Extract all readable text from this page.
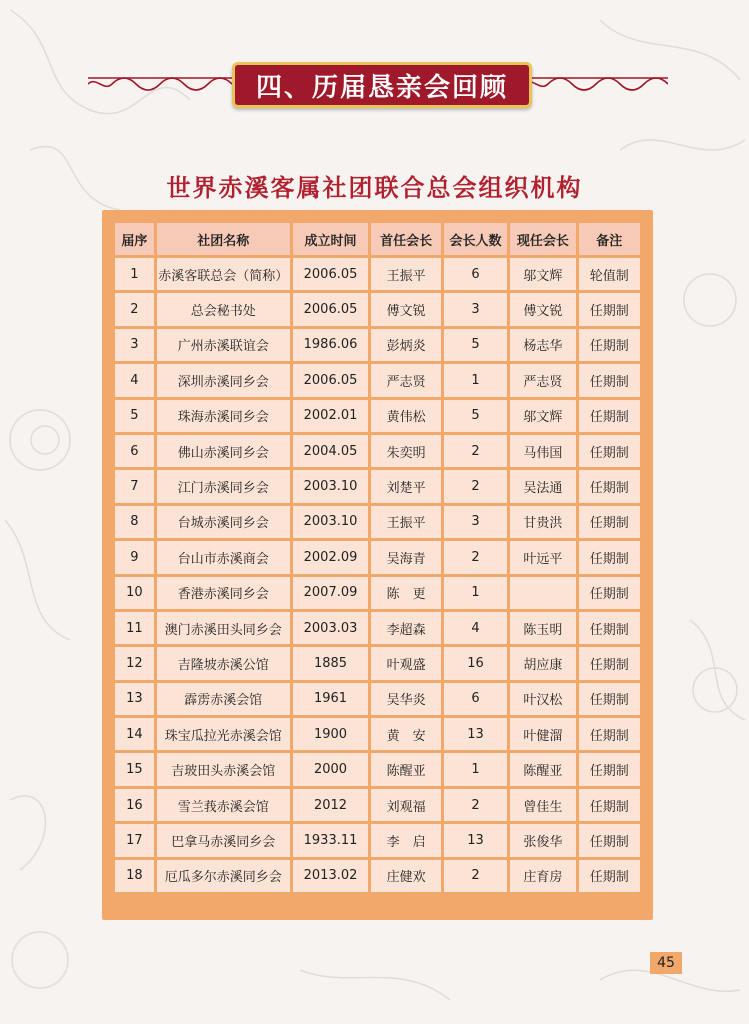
四、历届恳亲会回顾
世界赤溪客属社团联合总会组织机构
届序	社团名称	成立时间	首任会长	会长人数	现任会长	备注
1	赤溪客联总会（简称）	2006.05	王振平	6	邬文辉	轮值制
2	总会秘书处	2006.05	傅文锐	3	傅文锐	任期制
3	广州赤溪联谊会	1986.06	彭炳炎	5	杨志华	任期制
4	深圳赤溪同乡会	2006.05	严志贤	1	严志贤	任期制
5	珠海赤溪同乡会	2002.01	黄伟松	5	邬文辉	任期制
6	佛山赤溪同乡会	2004.05	朱奕明	2	马伟国	任期制
7	江门赤溪同乡会	2003.10	刘楚平	2	吴法通	任期制
8	台城赤溪同乡会	2003.10	王振平	3	甘贵洪	任期制
9	台山市赤溪商会	2002.09	吴海青	2	叶远平	任期制
10	香港赤溪同乡会	2007.09	陈　更	1		任期制
11	澳门赤溪田头同乡会	2003.03	李超森	4	陈玉明	任期制
12	吉隆坡赤溪公馆	1885	叶观盛	16	胡应康	任期制
13	霹雳赤溪会馆	1961	吴华炎	6	叶汉松	任期制
14	珠宝瓜拉光赤溪会馆	1900	黄　安	13	叶健溜	任期制
15	吉玻田头赤溪会馆	2000	陈醒亚	1	陈醒亚	任期制
16	雪兰莪赤溪会馆	2012	刘观福	2	曾佳生	任期制
17	巴拿马赤溪同乡会	1933.11	李　启	13	张俊华	任期制
18	厄瓜多尔赤溪同乡会	2013.02	庄健欢	2	庄育房	任期制
45
